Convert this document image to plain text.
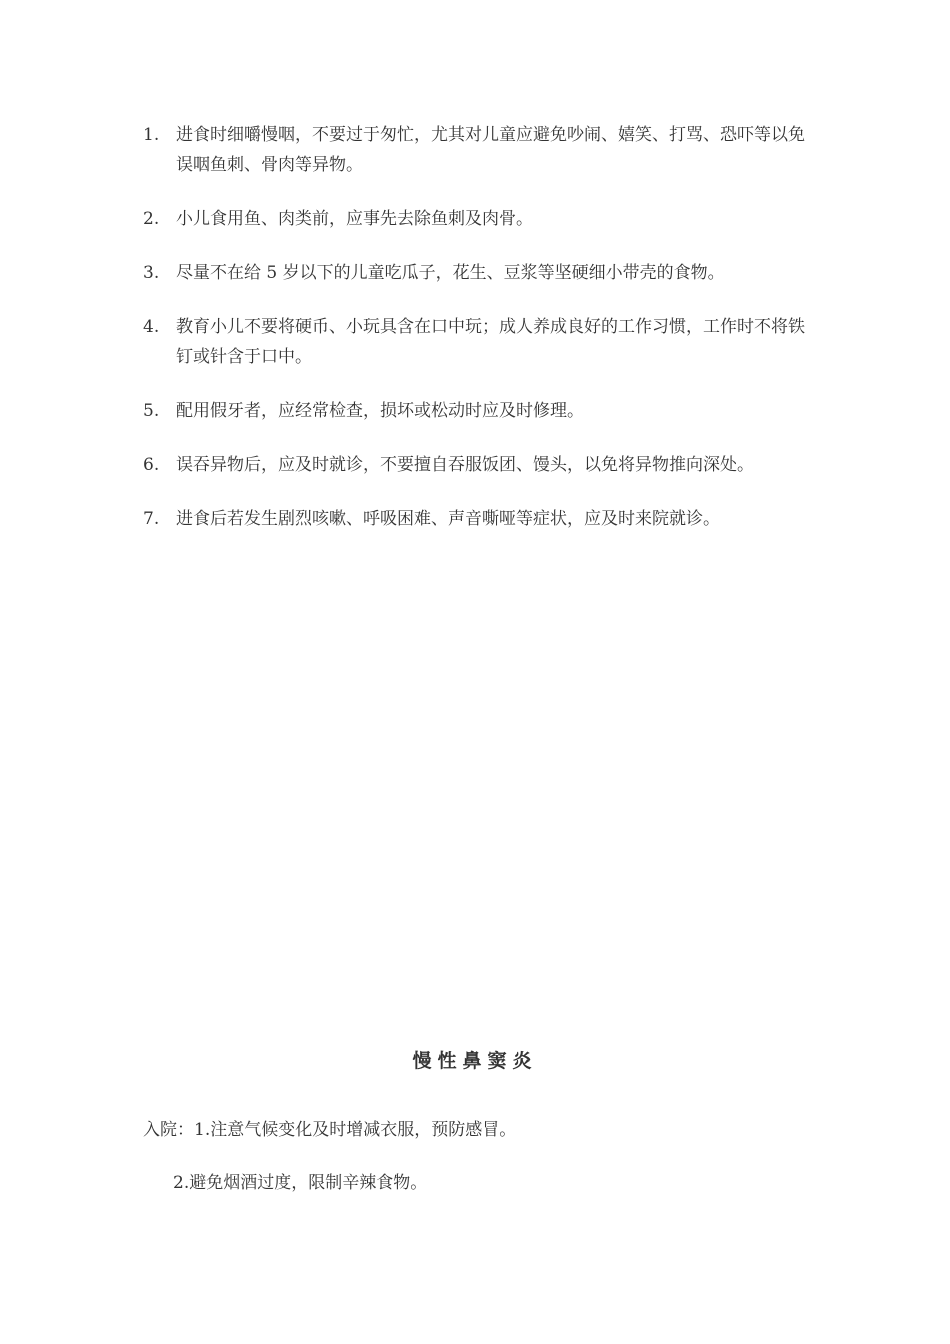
1. 进食时细嚼慢咽，不要过于匆忙，尤其对儿童应避免吵闹、嬉笑、打骂、恐吓等以免误咽鱼刺、骨肉等异物。
2. 小儿食用鱼、肉类前，应事先去除鱼刺及肉骨。
3. 尽量不在给 5 岁以下的儿童吃瓜子，花生、豆浆等坚硬细小带壳的食物。
4. 教育小儿不要将硬币、小玩具含在口中玩；成人养成良好的工作习惯，工作时不将铁钉或针含于口中。
5. 配用假牙者，应经常检查，损坏或松动时应及时修理。
6. 误吞异物后，应及时就诊，不要擅自吞服饭团、馒头，以免将异物推向深处。
7. 进食后若发生剧烈咳嗽、呼吸困难、声音嘶哑等症状，应及时来院就诊。
慢性鼻窦炎
入院：1.注意气候变化及时增减衣服，预防感冒。
2.避免烟酒过度，限制辛辣食物。
